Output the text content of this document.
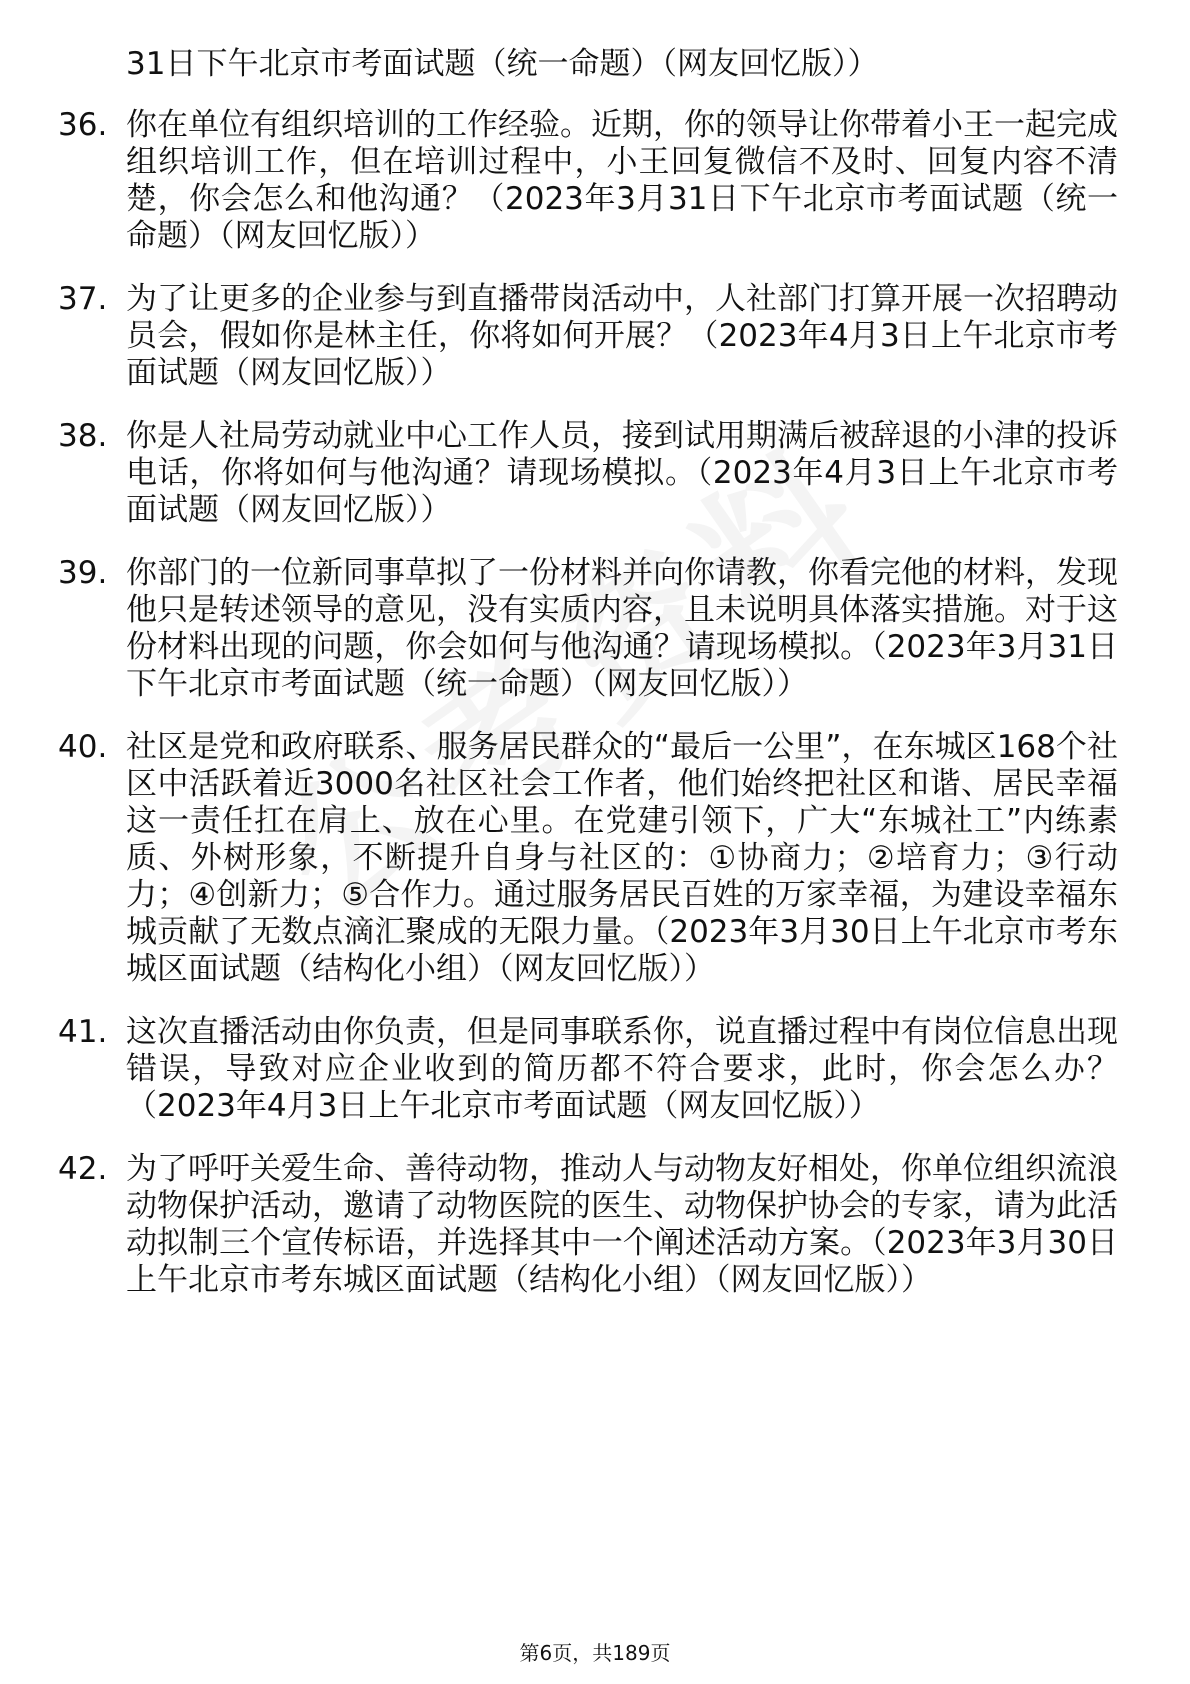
31日下午北京市考面试题（统一命题）（网友回忆版））
36. 你在单位有组织培训的工作经验。近期，你的领导让你带着小王一起完成组织培训工作，但在培训过程中，小王回复微信不及时、回复内容不清楚，你会怎么和他沟通？（2023年3月31日下午北京市考面试题（统一命题）（网友回忆版））
37. 为了让更多的企业参与到直播带岗活动中，人社部门打算开展一次招聘动员会，假如你是林主任，你将如何开展？（2023年4月3日上午北京市考面试题（网友回忆版））
38. 你是人社局劳动就业中心工作人员，接到试用期满后被辞退的小津的投诉电话，你将如何与他沟通？请现场模拟。（2023年4月3日上午北京市考面试题（网友回忆版））
39. 你部门的一位新同事草拟了一份材料并向你请教，你看完他的材料，发现他只是转述领导的意见，没有实质内容，且未说明具体落实措施。对于这份材料出现的问题，你会如何与他沟通？请现场模拟。（2023年3月31日下午北京市考面试题（统一命题）（网友回忆版））
40. 社区是党和政府联系、服务居民群众的“最后一公里”，在东城区168个社区中活跃着近3000名社区社会工作者，他们始终把社区和谐、居民幸福这一责任扛在肩上、放在心里。在党建引领下，广大“东城社工”内练素质、外树形象，不断提升自身与社区的：①协商力；②培育力；③行动力；④创新力；⑤合作力。通过服务居民百姓的万家幸福，为建设幸福东城贡献了无数点滴汇聚成的无限力量。（2023年3月30日上午北京市考东城区面试题（结构化小组）（网友回忆版））
41. 这次直播活动由你负责，但是同事联系你，说直播过程中有岗位信息出现错误，导致对应企业收到的简历都不符合要求，此时，你会怎么办？（2023年4月3日上午北京市考面试题（网友回忆版））
42. 为了呼吁关爱生命、善待动物，推动人与动物友好相处，你单位组织流浪动物保护活动，邀请了动物医院的医生、动物保护协会的专家，请为此活动拟制三个宣传标语，并选择其中一个阐述活动方案。（2023年3月30日上午北京市考东城区面试题（结构化小组）（网友回忆版））
第6页，共189页
